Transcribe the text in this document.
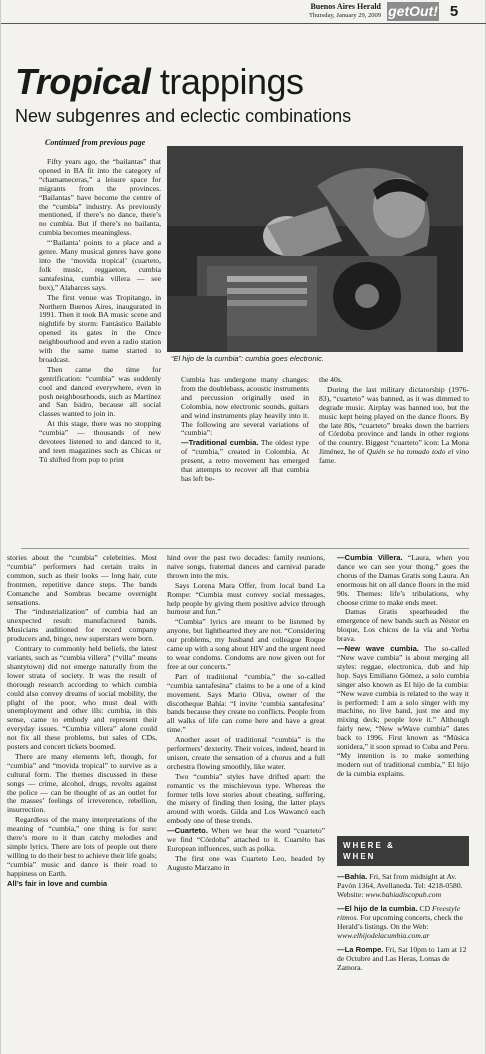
Buenos Aires Herald
Thursday, January 29, 2009 getOut! 5
Tropical trappings
New subgenres and eclectic combinations
Continued from previous page
“El hijo de la cumbia”: cumbia goes electronic.

Fifty years ago, the “bailantas” that opened in BA fit into the category of “chamameceras,” a leisure space for migrants from the provinces. “Bailantas” have become the centre of the “cumbia” industry. As previously mentioned, if there’s no dance, there’s no cumbia. But if there’s no bailanta, cumbia becomes meaningless.

“‘Bailanta’ points to a place and a genre. Many musical genres have gone into the ‘movida tropical’ (cuarteto, folk music, reggaeton, cumbia santafesina, cumbia villera — see box),” Alabarces says.

The first venue was Tropitango, in Northern Buenos Aires, inaugurated in 1991. Then it took BA music scene and nightlife by storm: Fantástico Bailable opened its gates in the Once neighbourhood and even a radio station with the same name started to broadcast.

Then came the time for gentrification: “cumbia” was suddenly cool and danced everywhere, even in posh neighbourhoods, such as Martínez and San Isidro, because all social classes wanted to join in.

At this stage, there was no stopping “cumbia” — thousands of new devotees listened to and danced to it, and teen magazines such as Chicas or Tú shifted from pop to print

Cumbia has undergone many changes: from the doublebass, acoustic instruments and percussion originally used in Colombia, now electronic sounds, guitars and wind instruments play heavily into it. The following are several variations of “cumbia”:

—Traditional cumbia. The oldest type of “cumbia,” created in Colombia. At present, a retro movement has emerged that attempts to recover all that cumbia has left be-

the 40s.

During the last military dictatorship (1976-83), “cuarteto” was banned, as it was dimmed to degrade music. Airplay was banned too, but the music kept being played on the dance floors. By the late 80s, “cuarteto” breaks down the barriers of Córdoba province and lands in other regions of the country. Biggest “cuarteto” icon: La Mona Jiménez, he of Quién se ha tomado todo el vino fame.

stories about the “cumbia” celebrities. Most “cumbia” performers had certain traits in common, such as their looks — long hair, cute frontmen, repetitive dance steps. The bands Comanche and Sombras became overnight sensations.

The “industrialization” of cumbia had an unexpected result: manufactured bands. Musicians auditioned for record company producers and, bingo, new superstars were born.

Contrary to commonly held beliefs, the latest variants, such as “cumbia villera” (“villa” means shantytown) did not emerge naturally from the lower strata of society. It was the result of thorough research according to which cumbia could also convey dreams of social mobility, the plight of the poor, who must deal with unemployment and other ills: cumbia, in this sense, came to embody and represent their everyday issues. “Cumbia villera” alone could not fix all these problems, but sales of CDs, posters and concert tickets boomed.

There are many elements left, though, for “cumbia” and “movida tropical” to survive as a cultural form. The themes discussed in these songs — crime, alcohol, drugs, revolts against the police — can be thought of as an outlet for the masses’ feelings of irreverence, rebellion, insurrection.

Regardless of the many interpretations of the meaning of “cumbia,” one thing is for sure: there’s more to it than catchy melodies and simple lyrics. There are lots of people out there willing to do their best to achieve their life goals; “cumbia” music and dance is their road to happiness on Earth.

All’s fair in love and cumbia

hind over the past two decades: family reunions, naive songs, fraternal dances and carnival parade thrown into the mix.

Says Lorena Mara Offer, from local band La Rompe: “Cumbia must convey social messages, help people by giving them positive advice through humour and fun.”

“Cumbia” lyrics are meant to be listened by anyone, but lighthearted they are not. “Considering our problems, my husband and colleague Roque came up with a song about HIV and the urgent need to wear condoms. Condoms are now given out for free at our concerts.”

Part of traditional “cumbia,” the so-called “cumbia santafesina” claims to be a one of a kind movement. Says Mario Oliva, owner of the discotheque Bahía: “I invite ‘cumbia santafesina’ bands because they create no conflicts. People from all walks of life can come here and have a great time.”

Another asset of traditional “cumbia” is the performers’ dexterity. Their voices, indeed, heard in unison, create the sensation of a chorus and a full orchestra flowing smoothly, like water.

Two “cumbia” styles have drifted apart: the romantic vs the mischievous type. Whereas the former tells love stories about cheating, suffering, the misery of finding then losing, the latter plays around with words. Gilda and Los Wawancó each embody one of these trends.

—Cuarteto. When we hear the word “cuarteto” we find “Córdoba” attached to it. Cuartéto has European influences, such as polka.

The first one was Cuarteto Leo, headed by Augusto Marzano in

—Cumbia Villera. “Laura, when you dance we can see your thong,” goes the chorus of the Damas Gratis song Laura. An enormous hit on all dance floors in the mid 90s. Themes: life’s tribulations, why choose crime to make ends meet.

Damas Gratis spearheaded the emergence of new bands such as Néstor en bloque, Los chicos de la vía and Yerba brava.

—New wave cumbia. The so-called “New wave cumbia” is about merging all styles: reggae, electronica, dub and hip hop. Says Emiliano Gómez, a solo cumbia singer also known as El hijo de la cumbia: “New wave cumbia is related to the way it is performed: I am a solo singer with my machine, no live band, just me and my mixing deck; people love it.” Although fairly new, “New wWave cumbia” dates back to 1996. First known as “Música sonidera,” it soon spread to Cuba and Peru. “My intention is to make something modern out of traditional cumbia,” El hijo de la cumbia explains.

WHERE &
WHEN

—Bahía. Fri, Sat from midnight at Av. Pavón 1364, Avellaneda. Tel: 4218-0580. Website: www.bahiadiscopub.com

—El hijo de la cumbia. CD Freestyle ritmos. For upcoming concerts, check the Herald’s listings. On the Web: www.elhijodelacumbia.com.ar

—La Rompe. Fri, Sat 10pm to 1am at 12 de Octubre and Las Heras, Lomas de Zamora.
